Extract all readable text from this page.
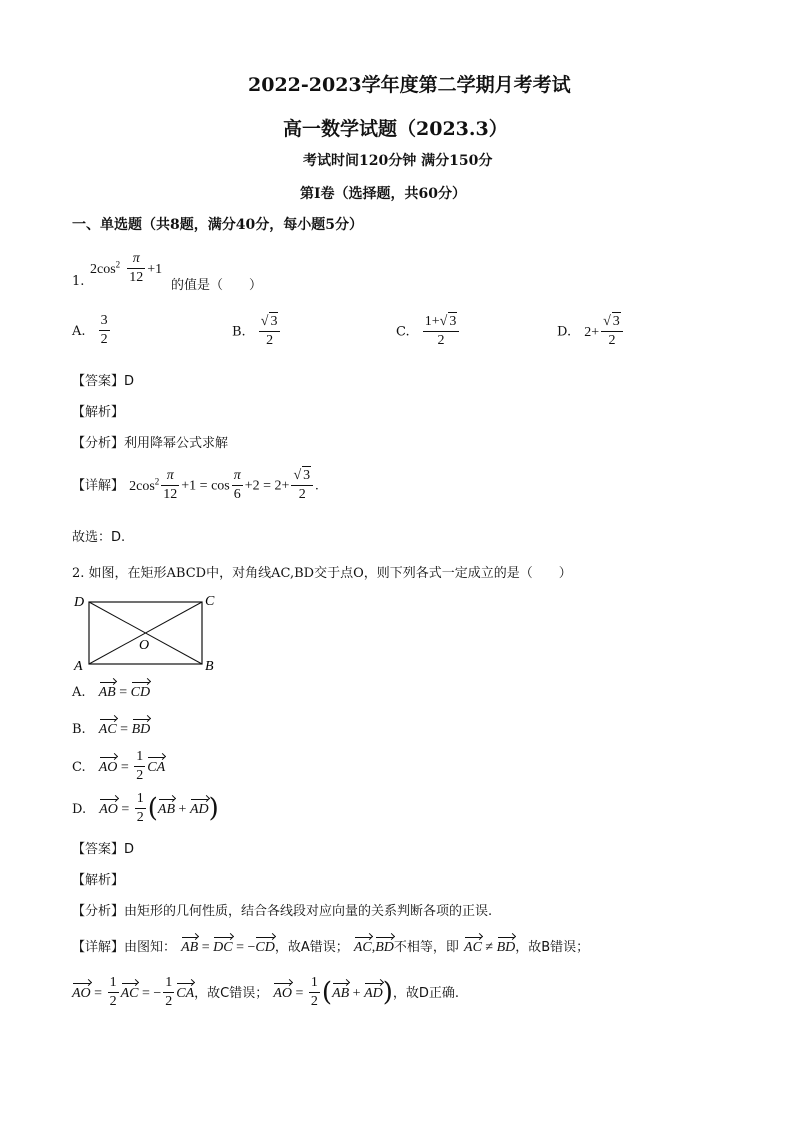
2022-2023学年度第二学期月考考试
高一数学试题（2023.3）
考试时间120分钟 满分150分
第Ⅰ卷（选择题，共60分）
一、单选题（共8题，满分40分，每小题5分）
1.
$2\cos^2 \frac{\pi}{12} +1$
的值是（　　）
A. $\frac{3}{2}$	B. $\frac{√ 3}{2}$	C. $\frac{1+√ 3}{2}$	D. $2+ \frac{√ 3}{2}$
【答案】D
【解析】
【分析】利用降幂公式求解
【详解】 $2\cos^2 \frac{\pi}{12} +1 = \cos \frac{\pi}{6} +2 = 2+ \frac{√ 3}{2}$ .
故选：D.
2. 如图，在矩形ABCD中，对角线AC,BD交于点O，则下列各式一定成立的是（　　）
D	C
A	B
O
A. AB = CD
B. AC = BD
C. AO = $\frac{1}{2}$ CA
D. AO = $\frac{1}{2} (AB + AD)$
【答案】D
【解析】
【分析】由矩形的几何性质，结合各线段对应向量的关系判断各项的正误.
【详解】由图知： AB = DC = −CD，故A错误； AC,BD不相等，即 AC ≠ BD，故B错误；
AO = $\frac{1}{2}$ AC = − $\frac{1}{2}$ CA，故C错误； AO = $\frac{1}{2} (AB + AD)$，故D正确.
